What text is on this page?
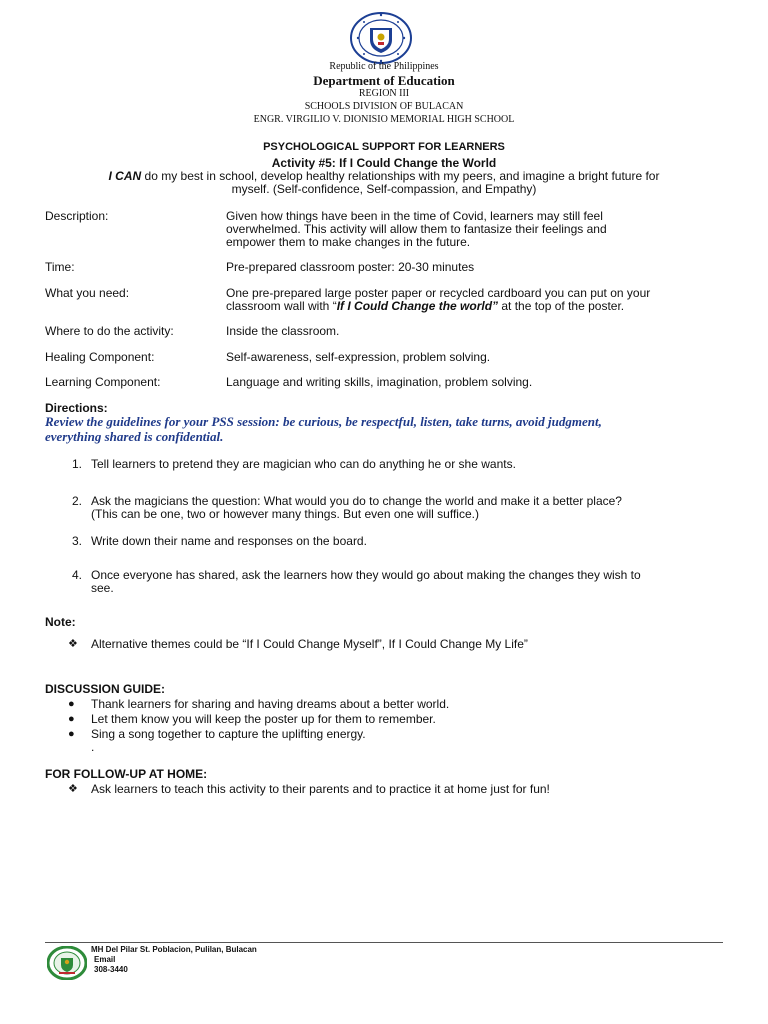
Republic of the Philippines
Department of Education
REGION III
SCHOOLS DIVISION OF BULACAN
ENGR. VIRGILIO V. DIONISIO MEMORIAL HIGH SCHOOL
PSYCHOLOGICAL SUPPORT FOR LEARNERS
Activity #5: If I Could Change the World
I CAN do my best in school, develop healthy relationships with my peers, and imagine a bright future for
myself. (Self-confidence, Self-compassion, and Empathy)
Description:	Given how things have been in the time of Covid, learners may still feel
overwhelmed. This activity will allow them to fantasize their feelings and
empower them to make changes in the future.
Time:	Pre-prepared classroom poster: 20-30 minutes
What you need:	One pre-prepared large poster paper or recycled cardboard you can put on your
classroom wall with “If I Could Change the world” at the top of the poster.
Where to do the activity:	Inside the classroom.
Healing Component:	Self-awareness, self-expression, problem solving.
Learning Component:	Language and writing skills, imagination, problem solving.
Directions:
Review the guidelines for your PSS session: be curious, be respectful, listen, take turns, avoid judgment,
everything shared is confidential.
1. Tell learners to pretend they are magician who can do anything he or she wants.
2. Ask the magicians the question: What would you do to change the world and make it a better place?
(This can be one, two or however many things. But even one will suffice.)
3. Write down their name and responses on the board.
4. Once everyone has shared, ask the learners how they would go about making the changes they wish to
see.
Note:
❖ Alternative themes could be “If I Could Change Myself”, If I Could Change My Life”
DISCUSSION GUIDE:
● Thank learners for sharing and having dreams about a better world.
● Let them know you will keep the poster up for them to remember.
● Sing a song together to capture the uplifting energy.
.
FOR FOLLOW-UP AT HOME:
❖ Ask learners to teach this activity to their parents and to practice it at home just for fun!
MH Del Pilar St. Poblacion, Pulilan, Bulacan
Email
308-3440
